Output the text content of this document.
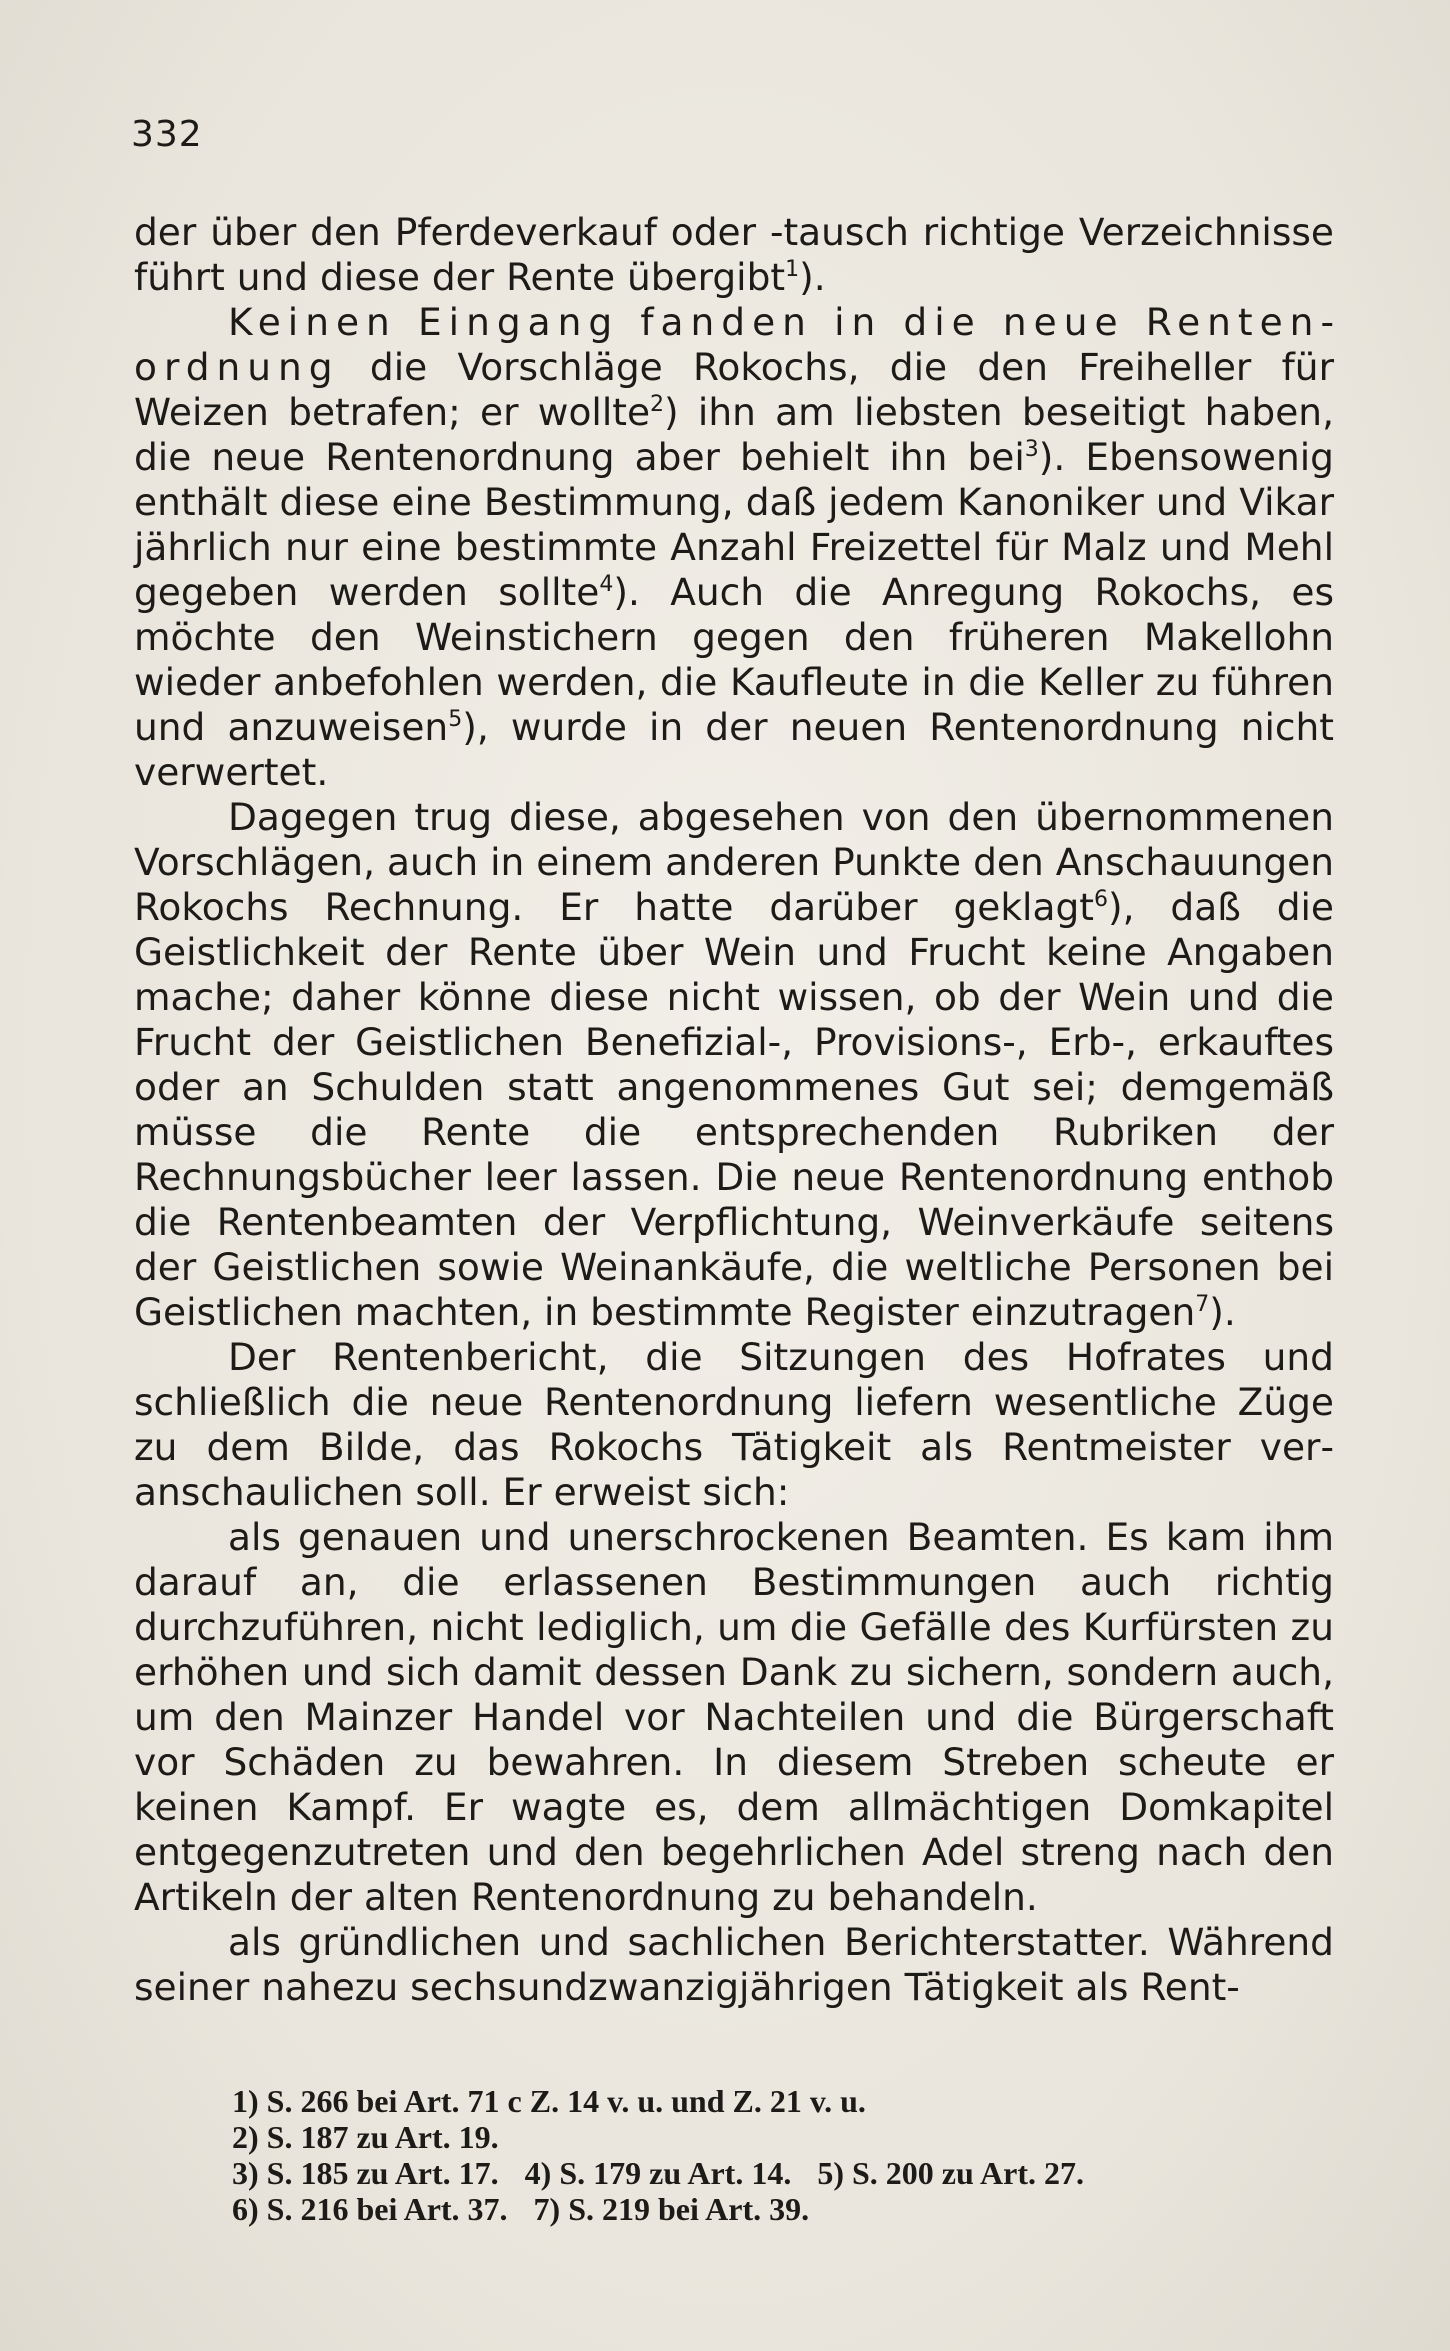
332

der über den Pferdeverkauf oder -tausch richtige Verzeichnisse führt und diese der Rente übergibt$^1$).

Keinen Eingang fanden in die neue Rentenordnung die Vorschläge Rokochs, die den Freiheller für Weizen betrafen; er wollte$^2$) ihn am liebsten beseitigt haben, die neue Rentenordnung aber behielt ihn bei$^3$). Ebensowenig enthält diese eine Bestimmung, daß jedem Kanoniker und Vikar jährlich nur eine bestimmte Anzahl Freizettel für Malz und Mehl gegeben werden sollte$^4$). Auch die Anregung Rokochs, es möchte den Weinstichern gegen den früheren Makellohn wieder anbefohlen werden, die Kaufleute in die Keller zu führen und anzuweisen$^5$), wurde in der neuen Rentenordnung nicht verwertet.

Dagegen trug diese, abgesehen von den übernommenen Vorschlägen, auch in einem anderen Punkte den Anschauungen Rokochs Rechnung. Er hatte darüber geklagt$^6$), daß die Geistlichkeit der Rente über Wein und Frucht keine Angaben mache; daher könne diese nicht wissen, ob der Wein und die Frucht der Geistlichen Benefizial-, Provisions-, Erb-, erkauftes oder an Schulden statt angenommenes Gut sei; demgemäß müsse die Rente die entsprechenden Rubriken der Rechnungsbücher leer lassen. Die neue Rentenordnung enthob die Rentenbeamten der Verpflichtung, Weinverkäufe seitens der Geistlichen sowie Weinankäufe, die weltliche Personen bei Geistlichen machten, in bestimmte Register einzutragen$^7$).

Der Rentenbericht, die Sitzungen des Hofrates und schließlich die neue Rentenordnung liefern wesentliche Züge zu dem Bilde, das Rokochs Tätigkeit als Rentmeister veranschaulichen soll. Er erweist sich:

als genauen und unerschrockenen Beamten. Es kam ihm darauf an, die erlassenen Bestimmungen auch richtig durchzuführen, nicht lediglich, um die Gefälle des Kurfürsten zu erhöhen und sich damit dessen Dank zu sichern, sondern auch, um den Mainzer Handel vor Nachteilen und die Bürgerschaft vor Schäden zu bewahren. In diesem Streben scheute er keinen Kampf. Er wagte es, dem allmächtigen Domkapitel entgegenzutreten und den begehrlichen Adel streng nach den Artikeln der alten Rentenordnung zu behandeln.

als gründlichen und sachlichen Berichterstatter. Während seiner nahezu sechsundzwanzigjährigen Tätigkeit als Rent-

1) S. 266 bei Art. 71 c Z. 14 v. u. und Z. 21 v. u.
2) S. 187 zu Art. 19.
3) S. 185 zu Art. 17. 4) S. 179 zu Art. 14. 5) S. 200 zu Art. 27.
6) S. 216 bei Art. 37. 7) S. 219 bei Art. 39.
